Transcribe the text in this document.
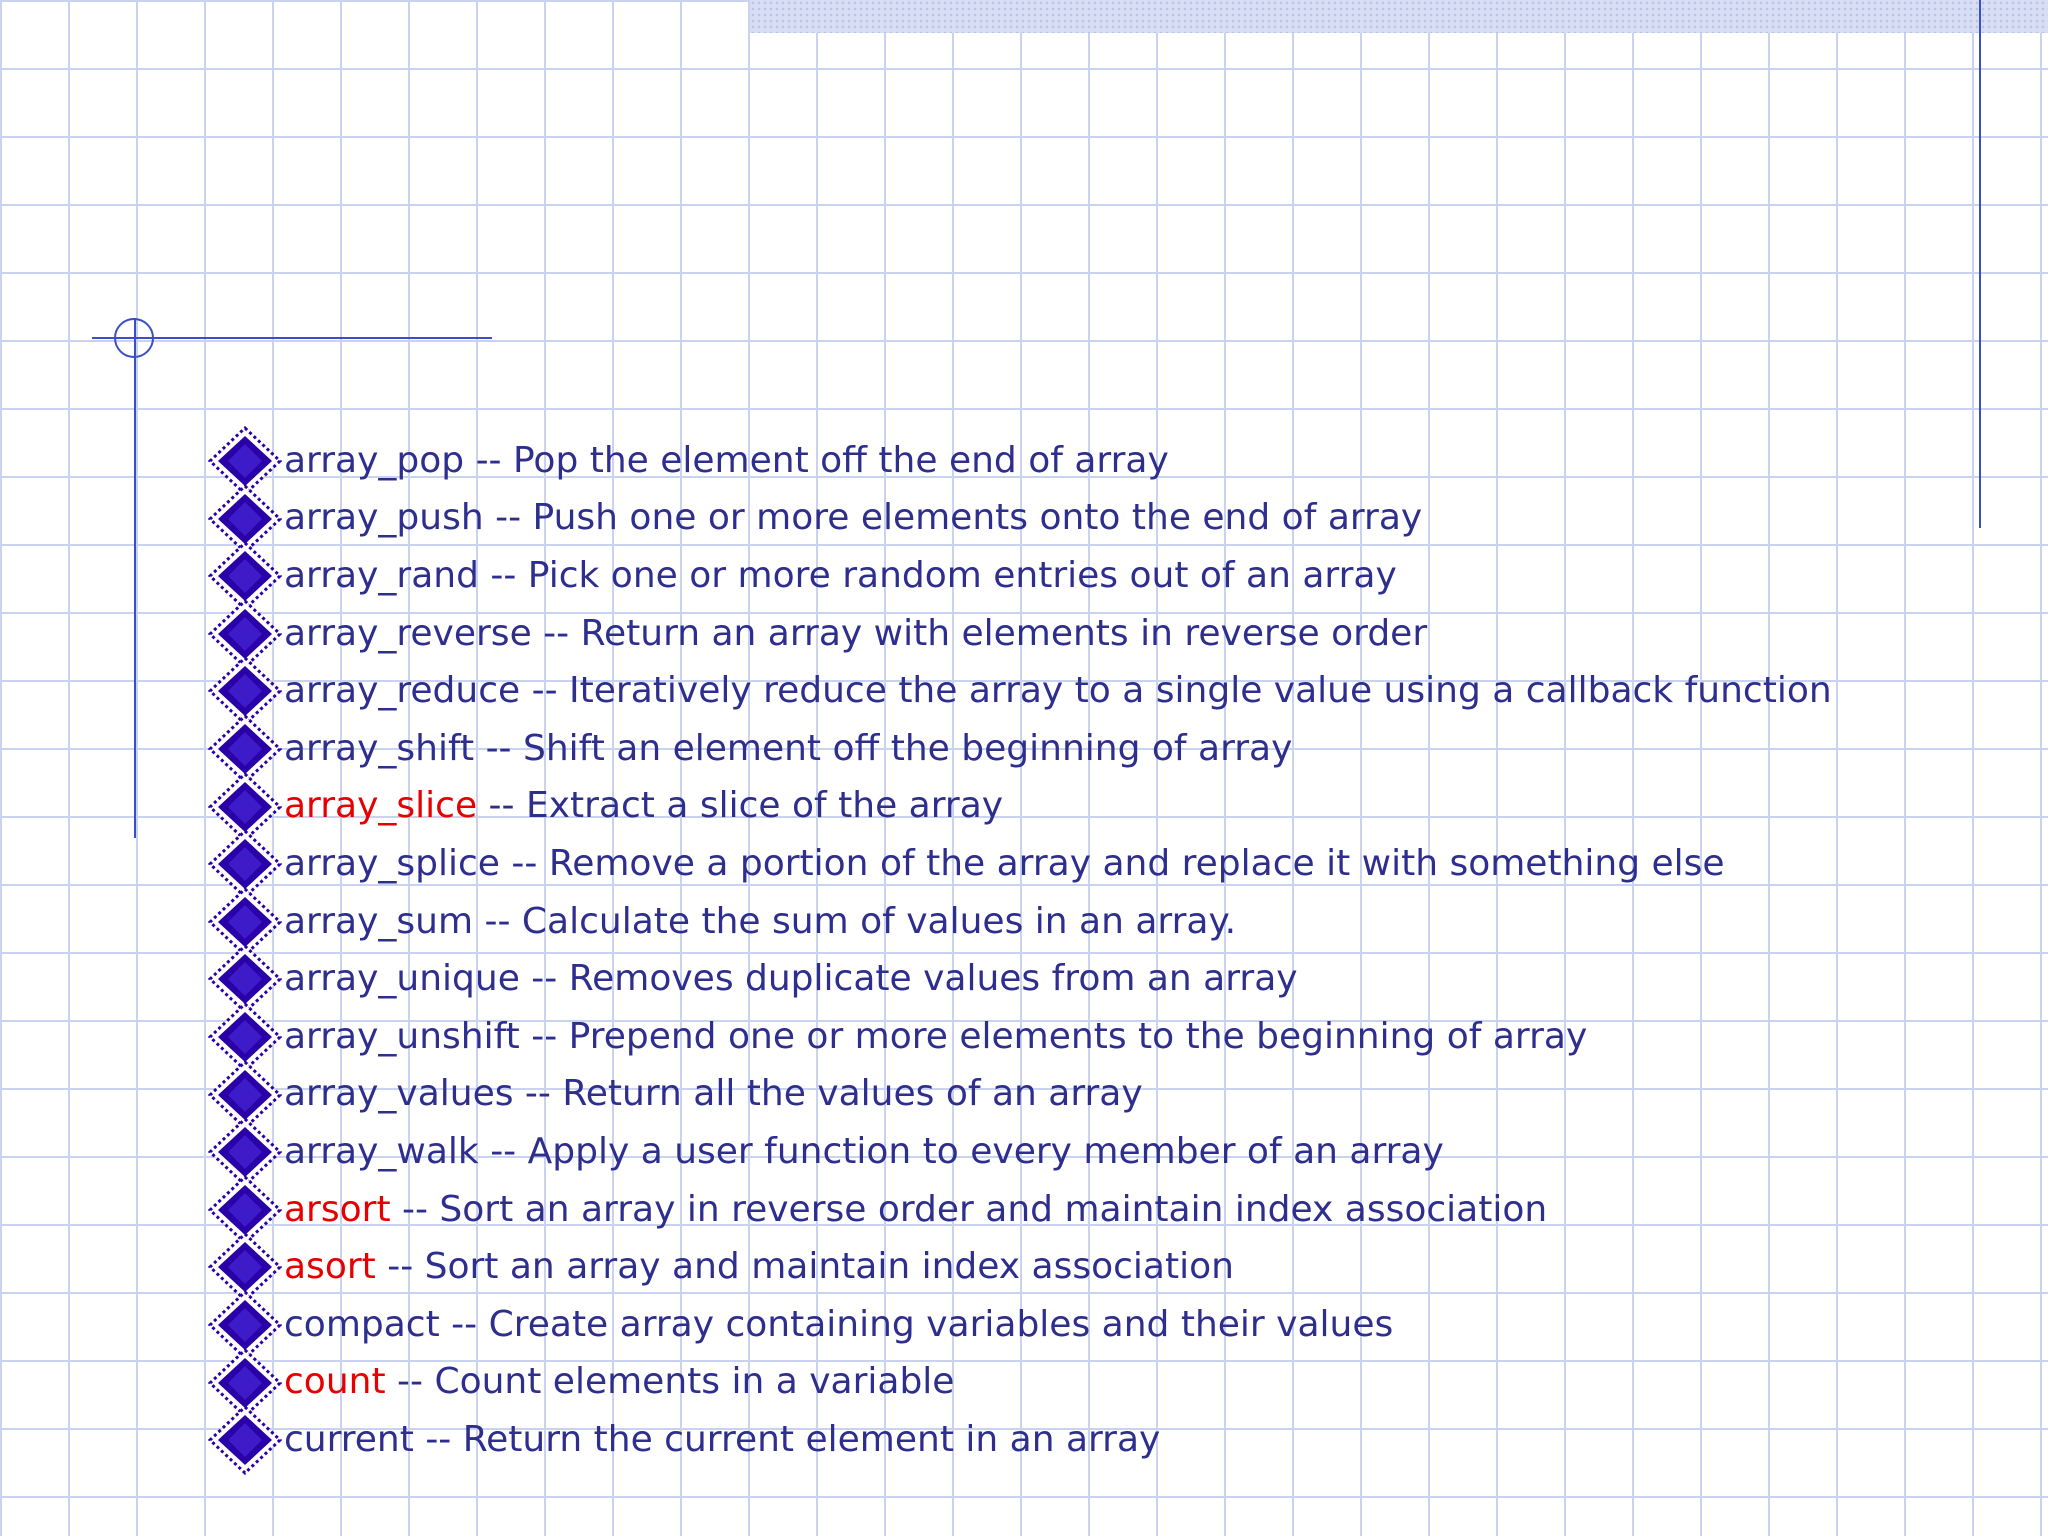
array_pop -- Pop the element off the end of array
array_push -- Push one or more elements onto the end of array
array_rand -- Pick one or more random entries out of an array
array_reverse -- Return an array with elements in reverse order
array_reduce -- Iteratively reduce the array to a single value using a callback function
array_shift -- Shift an element off the beginning of array
array_slice -- Extract a slice of the array
array_splice -- Remove a portion of the array and replace it with something else
array_sum -- Calculate the sum of values in an array.
array_unique -- Removes duplicate values from an array
array_unshift -- Prepend one or more elements to the beginning of array
array_values -- Return all the values of an array
array_walk -- Apply a user function to every member of an array
arsort -- Sort an array in reverse order and maintain index association
asort -- Sort an array and maintain index association
compact -- Create array containing variables and their values
count -- Count elements in a variable
current -- Return the current element in an array
